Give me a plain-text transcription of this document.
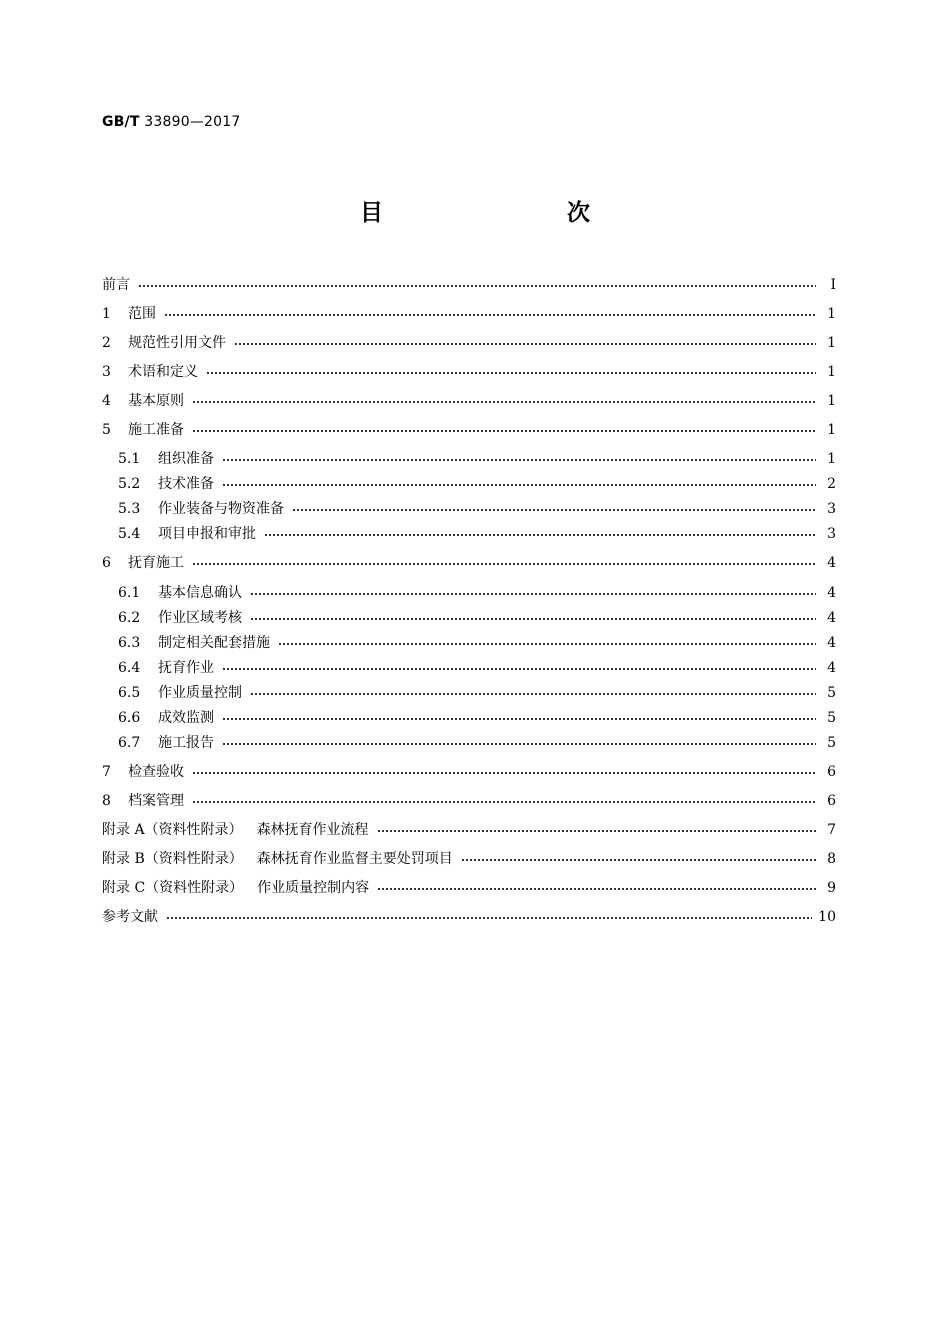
GB/T 33890—2017
目　　次
前言	Ⅰ
1 范围	1
2 规范性引用文件	1
3 术语和定义	1
4 基本原则	1
5 施工准备	1
5.1 组织准备	1
5.2 技术准备	2
5.3 作业装备与物资准备	3
5.4 项目申报和审批	3
6 抚育施工	4
6.1 基本信息确认	4
6.2 作业区域考核	4
6.3 制定相关配套措施	4
6.4 抚育作业	4
6.5 作业质量控制	5
6.6 成效监测	5
6.7 施工报告	5
7 检查验收	6
8 档案管理	6
附录 A（资料性附录） 森林抚育作业流程	7
附录 B（资料性附录） 森林抚育作业监督主要处罚项目	8
附录 C（资料性附录） 作业质量控制内容	9
参考文献	10
